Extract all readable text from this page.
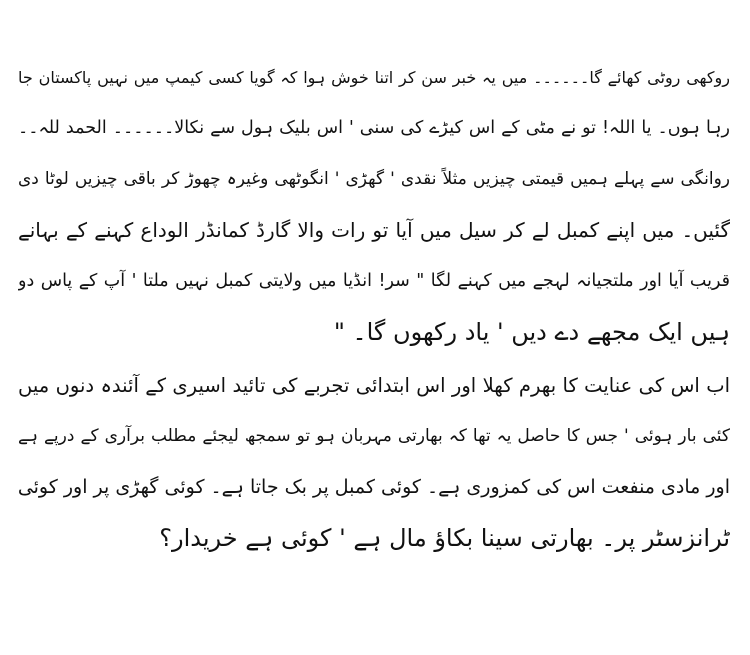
روکھی روٹی کھائے گا۔۔۔۔۔۔ میں یہ خبر سن کر اتنا خوش ہوا کہ گویا کسی کیمپ میں نہیں پاکستان جا
رہا ہوں۔ یا اللہ! تو نے مٹی کے اس کیڑے کی سنی ' اس بلیک ہول سے نکالا۔۔۔۔۔۔ الحمد للہ۔۔
روانگی سے پہلے ہمیں قیمتی چیزیں مثلاً نقدی ' گھڑی ' انگوٹھی وغیرہ چھوڑ کر باقی چیزیں لوٹا دی
گئیں۔ میں اپنے کمبل لے کر سیل میں آیا تو رات والا گارڈ کمانڈر الوداع کہنے کے بہانے
قریب آیا اور ملتجیانہ لہجے میں کہنے لگا " سر! انڈیا میں ولایتی کمبل نہیں ملتا ' آپ کے پاس دو
ہیں ایک مجھے دے دیں ' یاد رکھوں گا۔ "
اب اس کی عنایت کا بھرم کھلا اور اس ابتدائی تجربے کی تائید اسیری کے آئندہ دنوں میں
کئی بار ہوئی ' جس کا حاصل یہ تھا کہ بھارتی مہربان ہو تو سمجھ لیجئے مطلب برآری کے درپے ہے
اور مادی منفعت اس کی کمزوری ہے۔ کوئی کمبل پر بک جاتا ہے۔ کوئی گھڑی پر اور کوئی
ٹرانزسٹر پر۔ بھارتی سینا بکاؤ مال ہے ' کوئی ہے خریدار؟
